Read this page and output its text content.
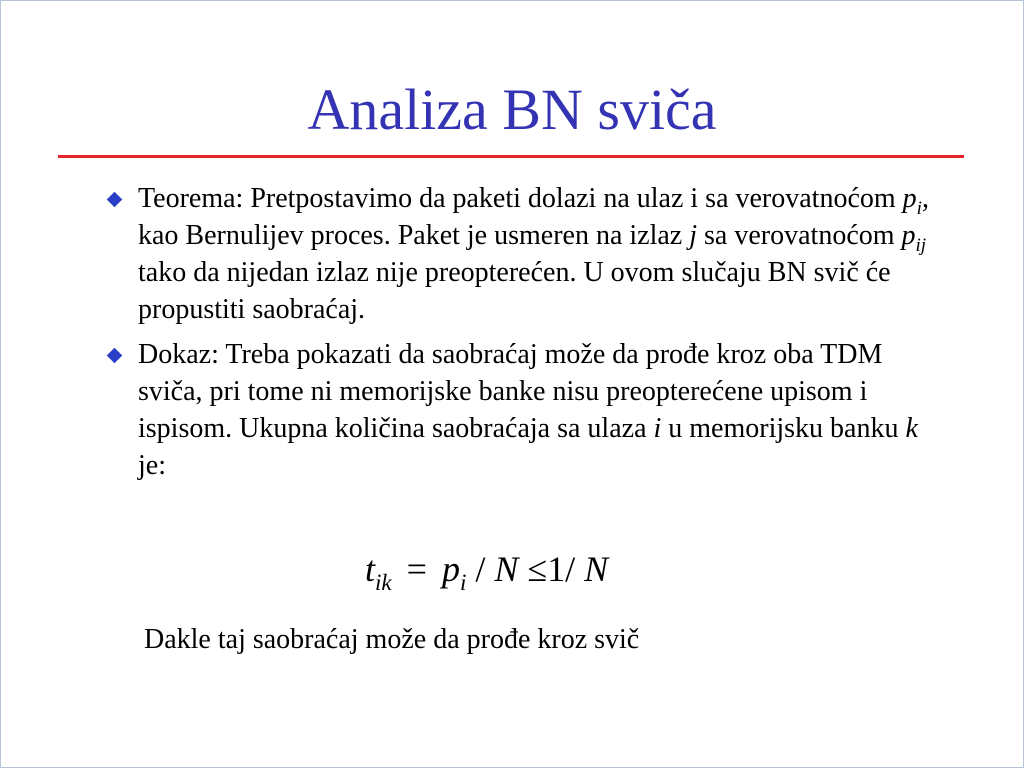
Analiza BN sviča
Teorema: Pretpostavimo da paketi dolazi na ulaz i sa verovatnoćom $p_i$, kao Bernulijev proces. Paket je usmeren na izlaz j sa verovatnoćom $p_{ij}$ tako da nijedan izlaz nije preopterećen. U ovom slučaju BN svič će propustiti saobraćaj.
Dokaz: Treba pokazati da saobraćaj može da prođe kroz oba TDM sviča, pri tome ni memorijske banke nisu preopterećene upisom i ispisom. Ukupna količina saobraćaja sa ulaza i u memorijsku banku k je:
$t_{ik} = p_i / N \le 1/$ N
Dakle taj saobraćaj može da prođe kroz svič
